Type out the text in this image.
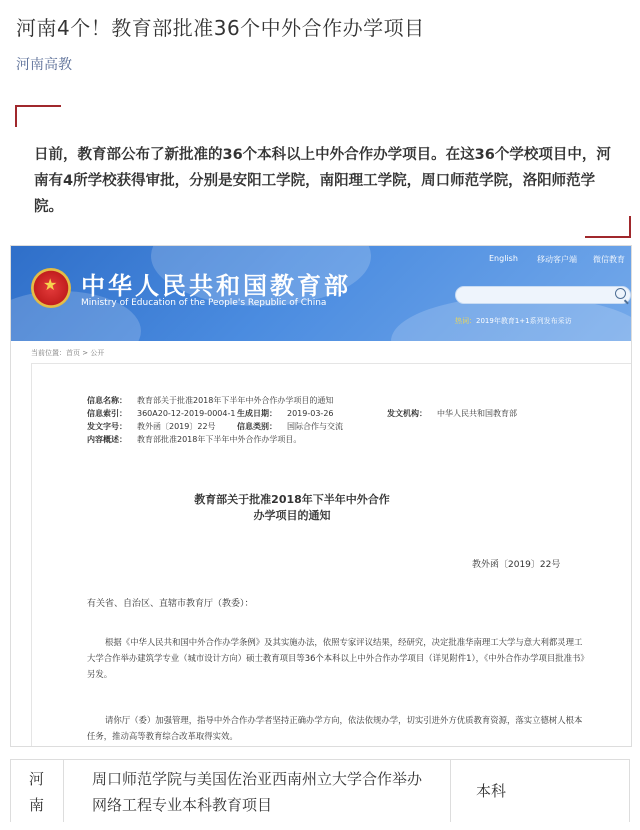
河南4个！教育部批准36个中外合作办学项目
河南高教
日前，教育部公布了新批准的36个本科以上中外合作办学项目。在这36个学校项目中，河南有4所学校获得审批，分别是安阳工学院，南阳理工学院，周口师范学院，洛阳师范学院。
★
中华人民共和国教育部
Ministry of Education of the People's Republic of China
English 移动客户端 微信教育
热词：2019年教育1+1系列发布采访
当前位置：首页 > 公开
信息名称： 教育部关于批准2018年下半年中外合作办学项目的通知
信息索引： 360A20-12-2019-0004-1 生成日期： 2019-03-26	发文机构： 中华人民共和国教育部
发文字号： 教外函〔2019〕22号	信息类别： 国际合作与交流
内容概述： 教育部批准2018年下半年中外合作办学项目。
教育部关于批准2018年下半年中外合作
办学项目的通知
教外函〔2019〕22号
有关省、自治区、直辖市教育厅（教委）：
根据《中华人民共和国中外合作办学条例》及其实施办法，依照专家评议结果，经研究，决定批准华南理工大学与意大利都灵理工大学合作举办建筑学专业（城市设计方向）硕士教育项目等36个本科以上中外合作办学项目（详见附件1），《中外合作办学项目批准书》另发。
请你厅（委）加强管理，指导中外合作办学者坚持正确办学方向，依法依规办学，切实引进外方优质教育资源，落实立德树人根本任务，推动高等教育综合改革取得实效。
河南
周口师范学院与美国佐治亚西南州立大学合作举办网络工程专业本科教育项目
本科
